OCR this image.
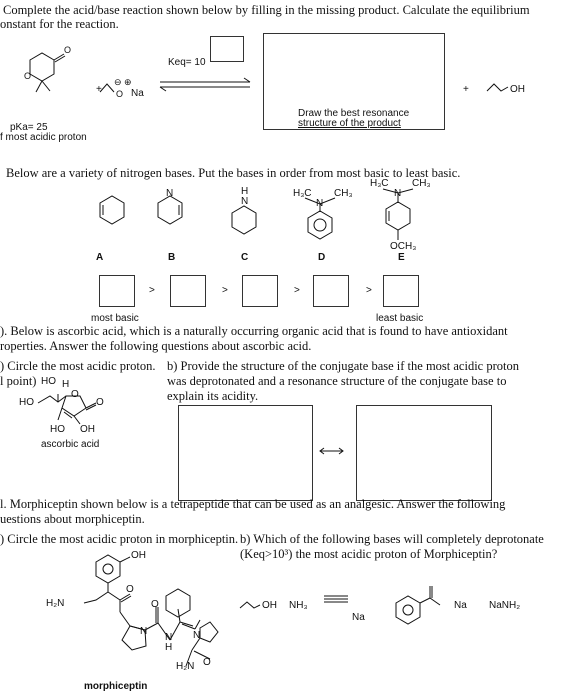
Complete the acid/base reaction shown below by filling in the missing product. Calculate the equilibrium
onstant for the reaction.
O
O
O
⊖ ⊕
+	Na
Keq= 10
Draw the best resonance
structure of the product
+	OH
pKa= 25
f most acidic proton
Below are a variety of nitrogen bases. Put the bases in order from most basic to least basic.
N	H
N
H₃C CH₃
N
H₃C CH₃
N
OCH₃
A	B	C	D	E
>	>	>	>
most basic	least basic
). Below is ascorbic acid, which is a naturally occurring organic acid that is found to have antioxidant
roperties. Answer the following questions about ascorbic acid.
) Circle the most acidic proton.
l point)
b) Provide the structure of the conjugate base if the most acidic proton
was deprotonated and a resonance structure of the conjugate base to
explain its acidity.
HO H
HO
O
O
HO OH
ascorbic acid
l. Morphiceptin shown below is a tetrapeptide that can be used as an analgesic. Answer the following
uestions about morphiceptin.
) Circle the most acidic proton in morphiceptin. b) Which of the following bases will completely deprotonate
(Keq>10³) the most acidic proton of Morphiceptin?
OH
H₂N
O
N
O
N
H
N
H₂N O
morphiceptin
OH NH₃
Na
Na NaNH₂
